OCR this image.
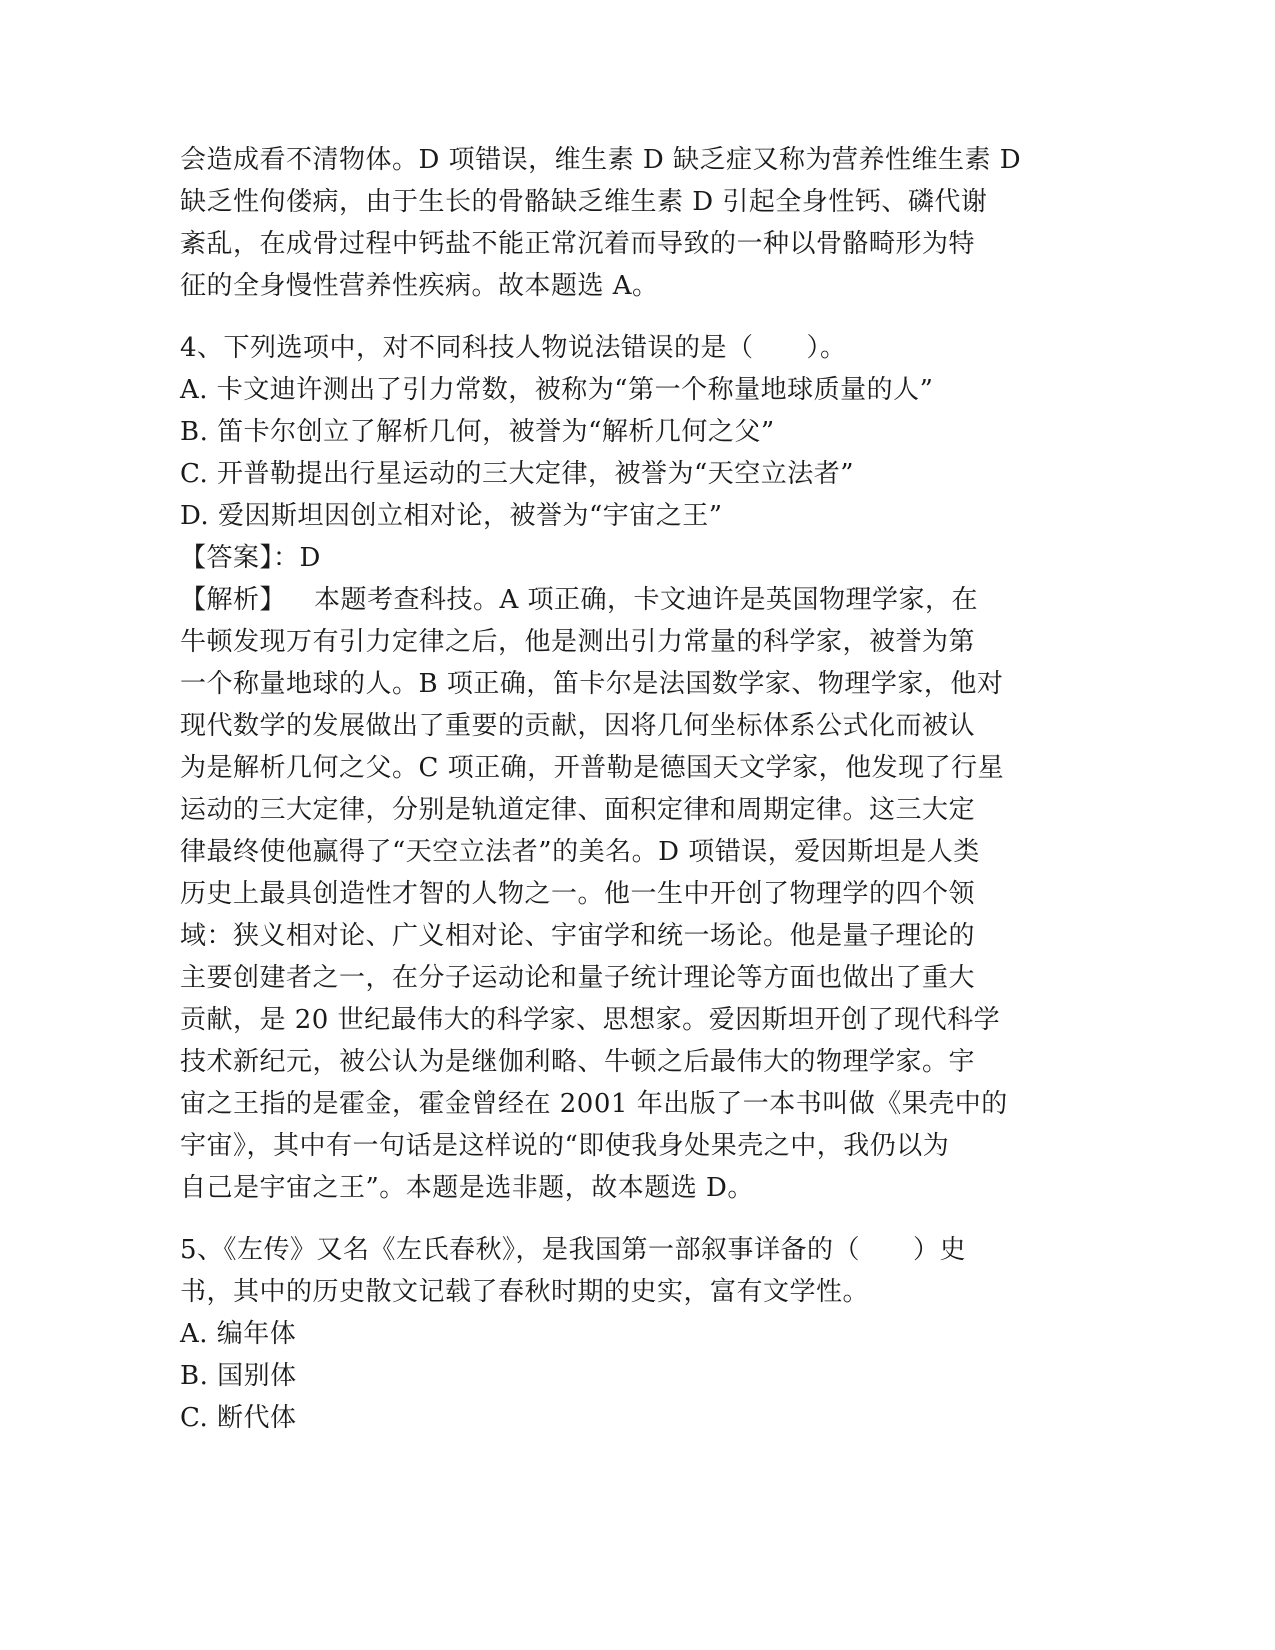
会造成看不清物体。D 项错误，维生素 D 缺乏症又称为营养性维生素 D
缺乏性佝偻病，由于生长的骨骼缺乏维生素 D 引起全身性钙、磷代谢
紊乱，在成骨过程中钙盐不能正常沉着而导致的一种以骨骼畸形为特
征的全身慢性营养性疾病。故本题选 A。
4、下列选项中，对不同科技人物说法错误的是（　　）。
A. 卡文迪许测出了引力常数，被称为“第一个称量地球质量的人”
B. 笛卡尔创立了解析几何，被誉为“解析几何之父”
C. 开普勒提出行星运动的三大定律，被誉为“天空立法者”
D. 爱因斯坦因创立相对论，被誉为“宇宙之王”
【答案】：D
【解析】 本题考查科技。A 项正确，卡文迪许是英国物理学家，在
牛顿发现万有引力定律之后，他是测出引力常量的科学家，被誉为第
一个称量地球的人。B 项正确，笛卡尔是法国数学家、物理学家，他对
现代数学的发展做出了重要的贡献，因将几何坐标体系公式化而被认
为是解析几何之父。C 项正确，开普勒是德国天文学家，他发现了行星
运动的三大定律，分别是轨道定律、面积定律和周期定律。这三大定
律最终使他赢得了“天空立法者”的美名。D 项错误，爱因斯坦是人类
历史上最具创造性才智的人物之一。他一生中开创了物理学的四个领
域：狭义相对论、广义相对论、宇宙学和统一场论。他是量子理论的
主要创建者之一，在分子运动论和量子统计理论等方面也做出了重大
贡献，是 20 世纪最伟大的科学家、思想家。爱因斯坦开创了现代科学
技术新纪元，被公认为是继伽利略、牛顿之后最伟大的物理学家。宇
宙之王指的是霍金，霍金曾经在 2001 年出版了一本书叫做《果壳中的
宇宙》，其中有一句话是这样说的“即使我身处果壳之中，我仍以为
自己是宇宙之王”。本题是选非题，故本题选 D。
5、《左传》又名《左氏春秋》，是我国第一部叙事详备的（　　）史
书，其中的历史散文记载了春秋时期的史实，富有文学性。
A. 编年体
B. 国别体
C. 断代体
